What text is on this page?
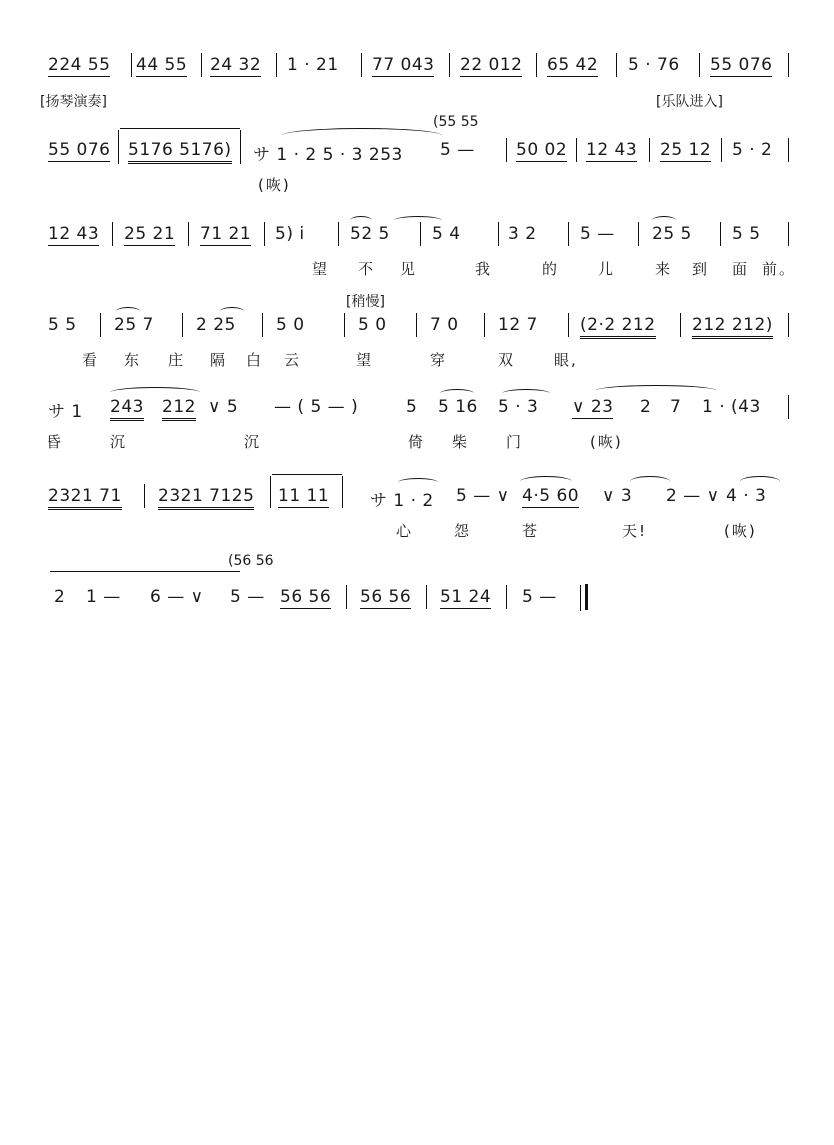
224 55 44 55 24 32 1 · 21 77 043 22 012 65 42 5 · 76 55 076
[扬琴演奏]	[乐队进入]
(55 55
55 076 5176 5176) サ 1 · 2 5 · 3 253 5 — 50 02 12 43 25 12 5 · 2
(咴)
12 43 25 21 71 21 5) i	52 5 5 4	3 2	5 — 25 5 5 5
望 不 见	我	的	儿	来 到 面 前。
[稍慢]
5 5 25 7 2 25 5 0	5 0	7 0 12 7 (2·2 212 212 212)
看 东 庄 隔 白 云	望	穿	双	眼,
サ 1 243 212 ∨ 5 — ( 5 — )	5 5 16 5 · 3 ∨ 23 2 7 1 · (43
昏	沉	沉	倚 柴 门	(咴)
2321 71 2321 7125 11 11 サ 1 · 2 5 — ∨ 4·5 60 ∨ 3 2 — ∨ 4 · 3
心	怨	苍	天!	(咴)
(56 56
2 1 — 6 — ∨ 5 — 56 56 56 56 51 24 5 —
